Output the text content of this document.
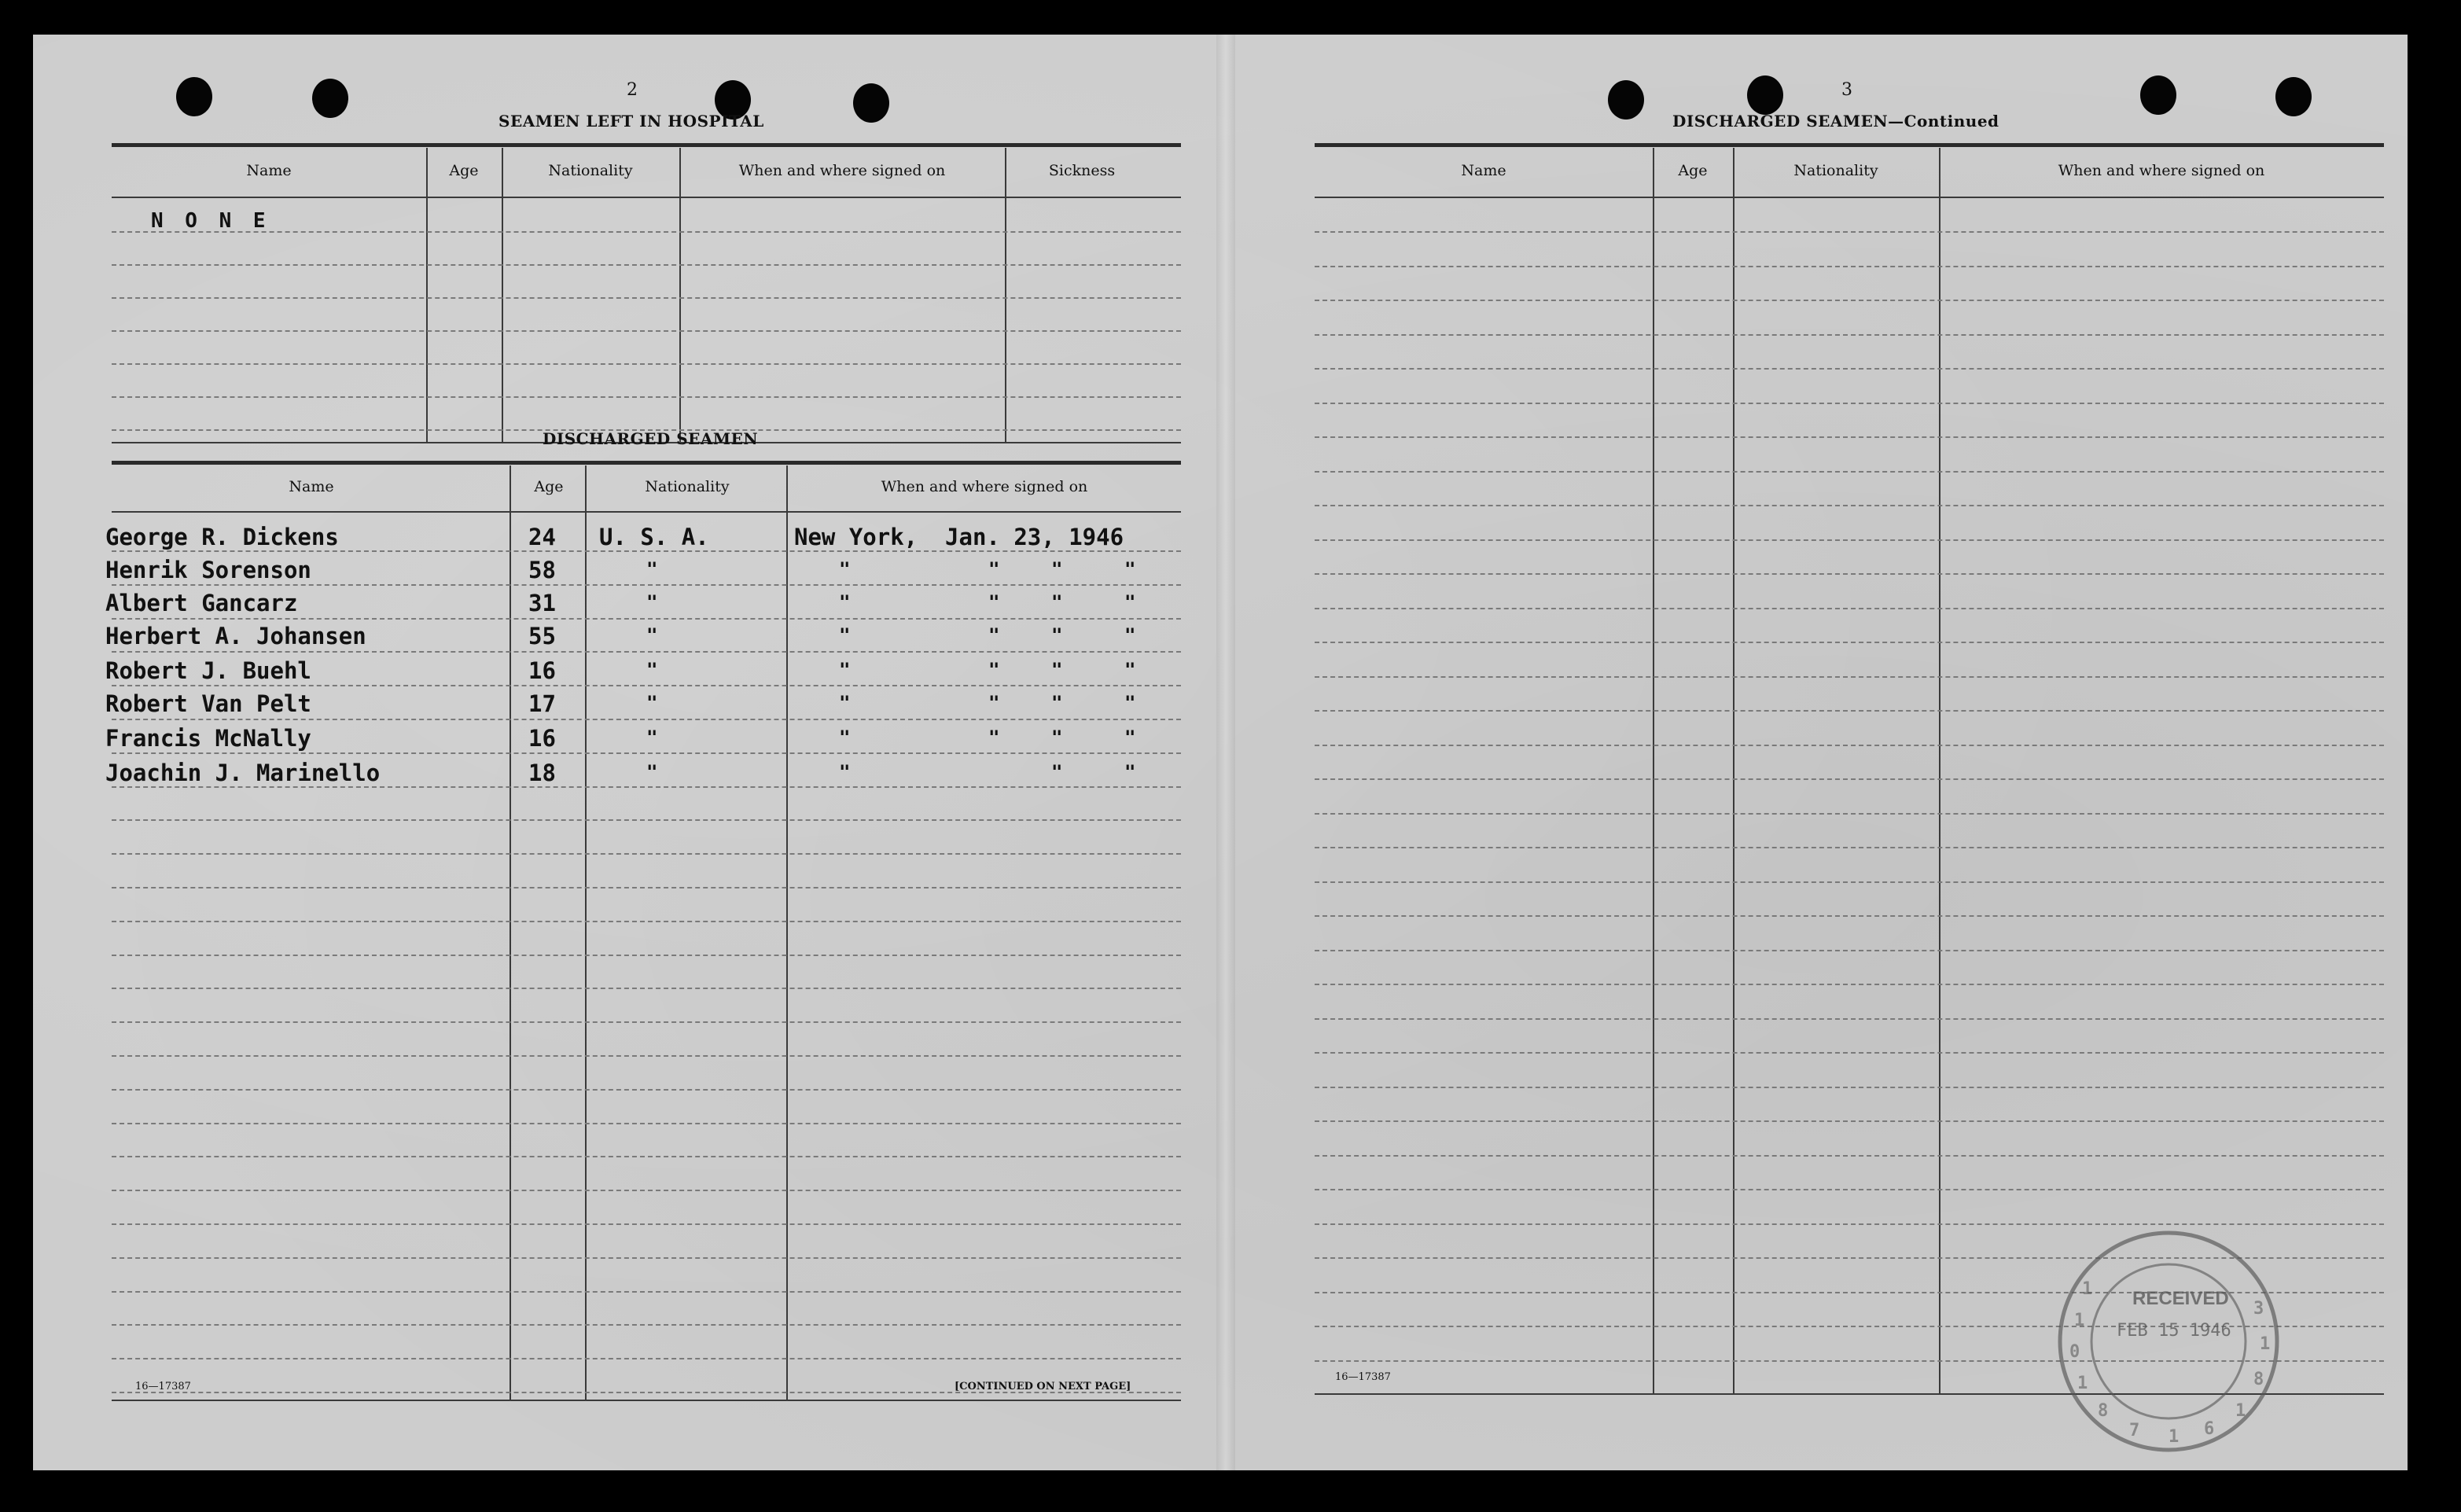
2
SEAMEN LEFT IN HOSPITAL
Name	Age	Nationality	When and where signed on	Sickness
N O N E
DISCHARGED SEAMEN
Name	Age	Nationality	When and where signed on
George R. Dickens	24 U. S. A.	New York,  Jan. 23, 1946
Henrik Sorenson	58	"	"	"	"	"
Albert Gancarz	31	"	"	"	"	"
Herbert A. Johansen	55	"	"	"	"	"
Robert J. Buehl	16	"	"	"	"	"
Robert Van Pelt	17	"	"	"	"	"
Francis McNally	16	"	"	"	"	"
Joachin J. Marinello	18	"	"	"	"
16—17387	[CONTINUED ON NEXT PAGE]
3
DISCHARGED SEAMEN—Continued
Name	Age	Nationality	When and where signed on
16—17387
1
1
0
1
8
7 1 6
1
8
1
3
RECEIVED
FEB 15 1946
